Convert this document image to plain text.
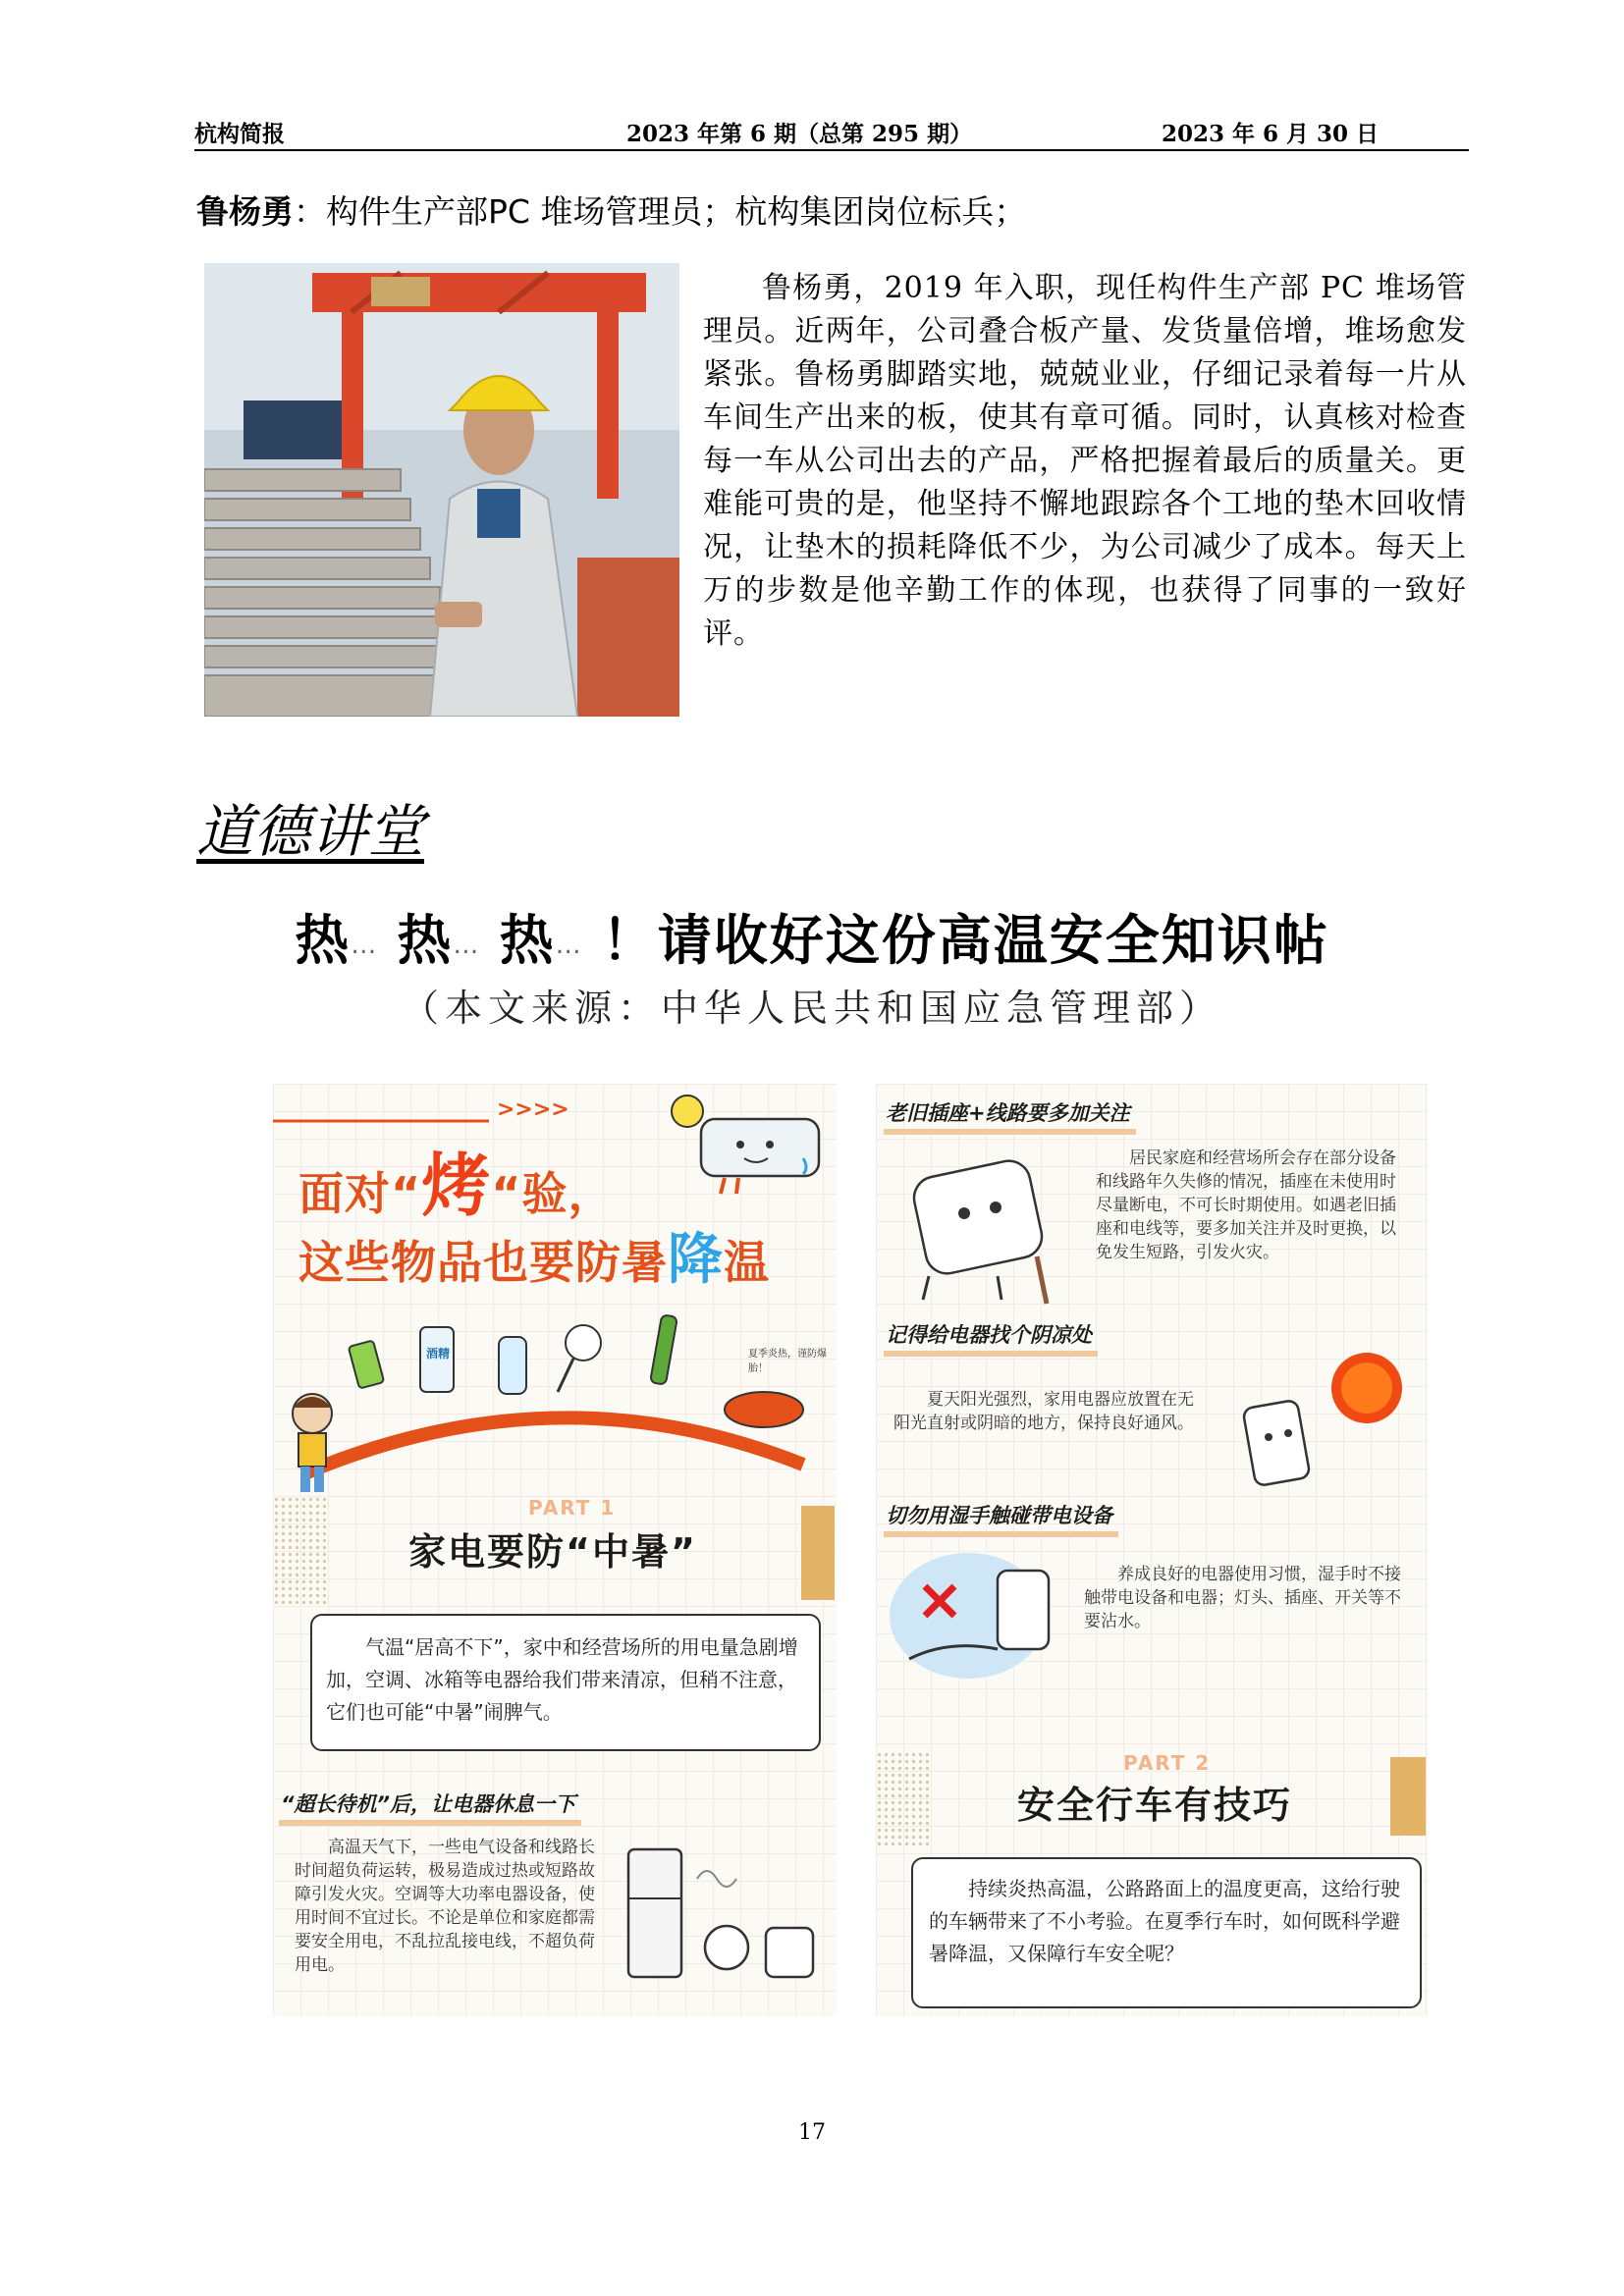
杭构简报	2023 年第 6 期（总第 295 期）	2023 年 6 月 30 日
鲁杨勇：构件生产部PC 堆场管理员；杭构集团岗位标兵；
鲁杨勇，2019 年入职，现任构件生产部 PC 堆场管理员。近两年，公司叠合板产量、发货量倍增，堆场愈发紧张。鲁杨勇脚踏实地，兢兢业业，仔细记录着每一片从车间生产出来的板，使其有章可循。同时，认真核对检查每一车从公司出去的产品，严格把握着最后的质量关。更难能可贵的是，他坚持不懈地跟踪各个工地的垫木回收情况，让垫木的损耗降低不少，为公司减少了成本。每天上万的步数是他辛勤工作的体现，也获得了同事的一致好评。
道德讲堂
热… 热… 热… ！请收好这份高温安全知识帖
（本文来源：中华人民共和国应急管理部）
>>>>
面对“烤“验，
这些物品也要防暑降温
酒精	夏季炎热，谨防爆胎！
PART 1
家电要防“中暑”

气温“居高不下”，家中和经营场所的用电量急剧增加，空调、冰箱等电器给我们带来清凉，但稍不注意，它们也可能“中暑”闹脾气。

“超长待机”后，让电器休息一下
高温天气下，一些电气设备和线路长时间超负荷运转，极易造成过热或短路故障引发火灾。空调等大功率电器设备，使用时间不宜过长。不论是单位和家庭都需要安全用电，不乱拉乱接电线，不超负荷用电。
老旧插座+线路要多加关注
居民家庭和经营场所会存在部分设备和线路年久失修的情况，插座在未使用时尽量断电，不可长时期使用。如遇老旧插座和电线等，要多加关注并及时更换，以免发生短路，引发火灾。
记得给电器找个阴凉处
夏天阳光强烈，家用电器应放置在无阳光直射或阴暗的地方，保持良好通风。
切勿用湿手触碰带电设备
养成良好的电器使用习惯，湿手时不接触带电设备和电器；灯头、插座、开关等不要沾水。
PART 2
安全行车有技巧

持续炎热高温，公路路面上的温度更高，这给行驶的车辆带来了不小考验。在夏季行车时，如何既科学避暑降温，又保障行车安全呢？

17
